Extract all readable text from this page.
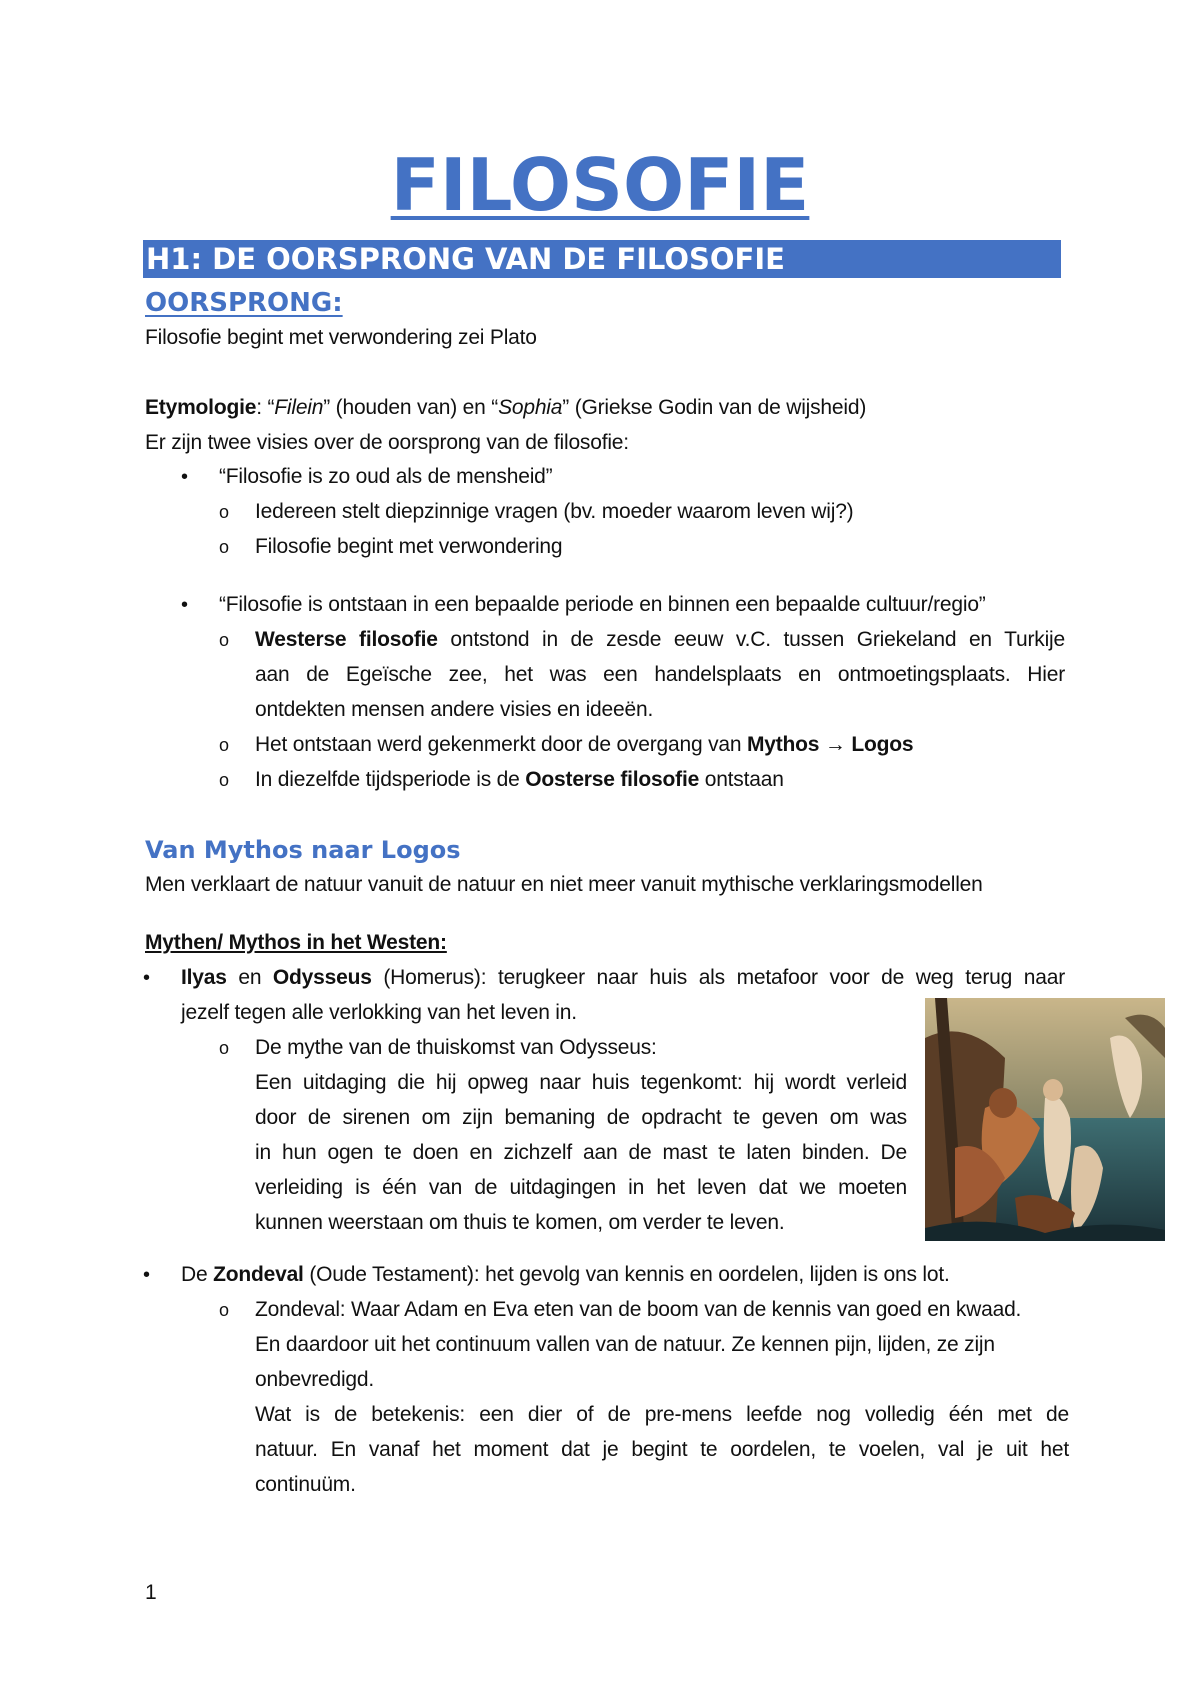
FILOSOFIE
H1: DE OORSPRONG VAN DE FILOSOFIE
OORSPRONG:
Filosofie begint met verwondering zei Plato
Etymologie: “Filein” (houden van) en “Sophia” (Griekse Godin van de wijsheid)
Er zijn twee visies over de oorsprong van de filosofie:
• “Filosofie is zo oud als de mensheid”
o Iedereen stelt diepzinnige vragen (bv. moeder waarom leven wij?)
o Filosofie begint met verwondering
• “Filosofie is ontstaan in een bepaalde periode en binnen een bepaalde cultuur/regio”
o Westerse filosofie ontstond in de zesde eeuw v.C. tussen Griekeland en Turkije
aan de Egeïsche zee, het was een handelsplaats en ontmoetingsplaats. Hier
ontdekten mensen andere visies en ideeën.
o Het ontstaan werd gekenmerkt door de overgang van Mythos → Logos
o In diezelfde tijdsperiode is de Oosterse filosofie ontstaan
Van Mythos naar Logos
Men verklaart de natuur vanuit de natuur en niet meer vanuit mythische verklaringsmodellen
Mythen/ Mythos in het Westen:
• Ilyas en Odysseus (Homerus): terugkeer naar huis als metafoor voor de weg terug naar
jezelf tegen alle verlokking van het leven in.
o De mythe van de thuiskomst van Odysseus:
Een uitdaging die hij opweg naar huis tegenkomt: hij wordt verleid
door de sirenen om zijn bemaning de opdracht te geven om was
in hun ogen te doen en zichzelf aan de mast te laten binden. De
verleiding is één van de uitdagingen in het leven dat we moeten
kunnen weerstaan om thuis te komen, om verder te leven.
• De Zondeval (Oude Testament): het gevolg van kennis en oordelen, lijden is ons lot.
o Zondeval: Waar Adam en Eva eten van de boom van de kennis van goed en kwaad.
En daardoor uit het continuum vallen van de natuur. Ze kennen pijn, lijden, ze zijn
onbevredigd.
Wat is de betekenis: een dier of de pre-mens leefde nog volledig één met de
natuur. En vanaf het moment dat je begint te oordelen, te voelen, val je uit het
continuüm.
1
